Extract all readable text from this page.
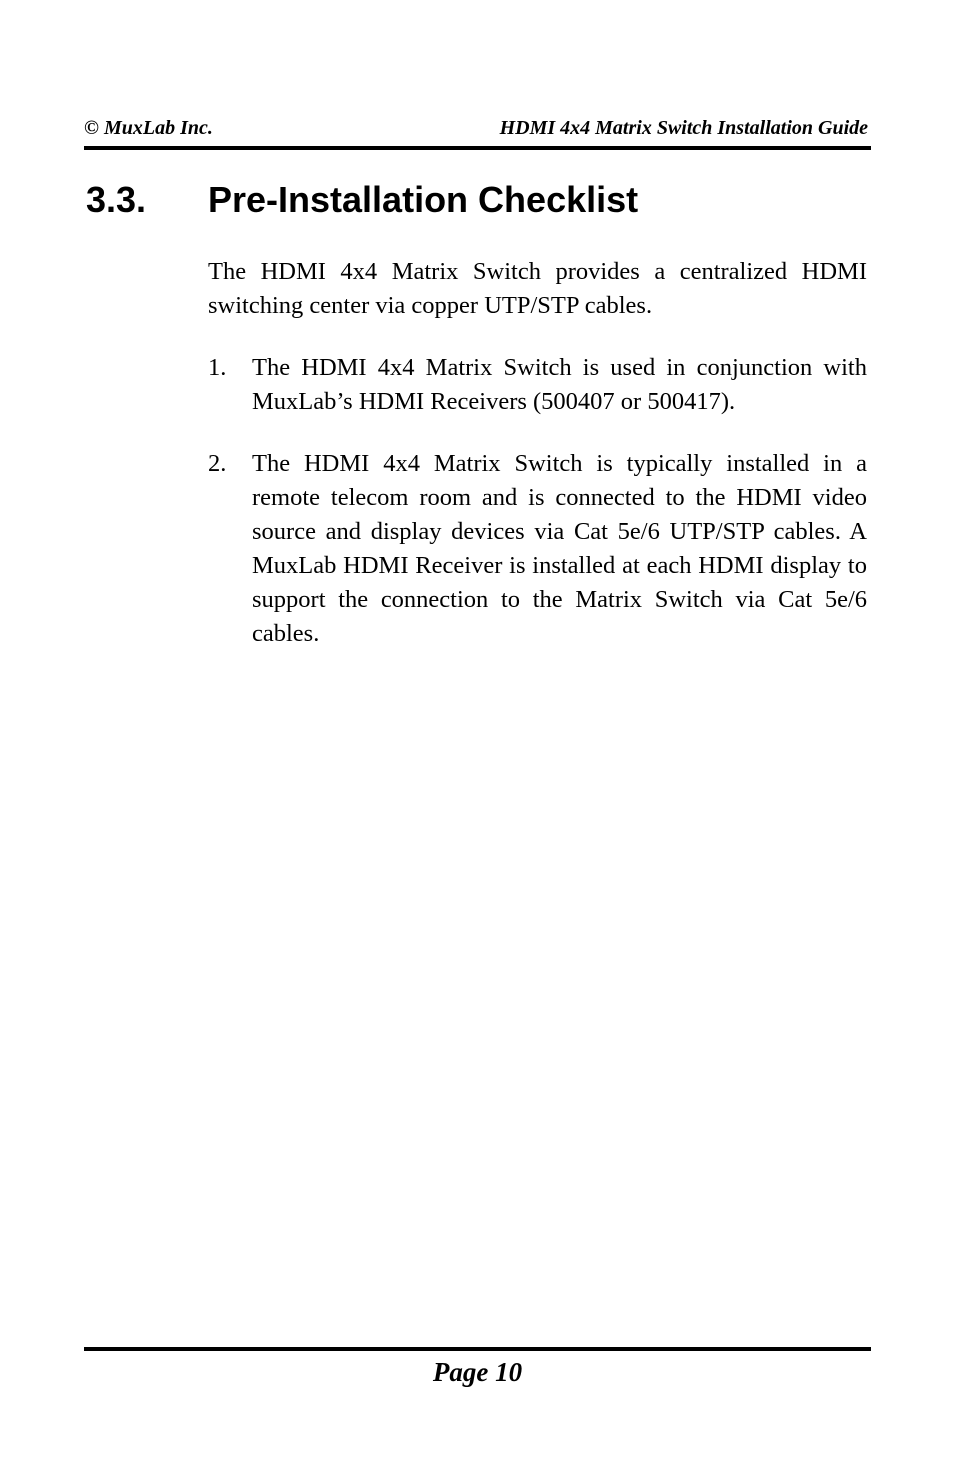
© MuxLab Inc.	HDMI 4x4 Matrix Switch Installation Guide
3.3. Pre-Installation Checklist

The HDMI 4x4 Matrix Switch provides a centralized HDMI switching center via copper UTP/STP cables.

1. The HDMI 4x4 Matrix Switch is used in conjunction with MuxLab’s HDMI Receivers (500407 or 500417).
2. The HDMI 4x4 Matrix Switch is typically installed in a remote telecom room and is connected to the HDMI video source and display devices via Cat 5e/6 UTP/STP cables. A MuxLab HDMI Receiver is installed at each HDMI display to support the connection to the Matrix Switch via Cat 5e/6 cables.
Page 10
